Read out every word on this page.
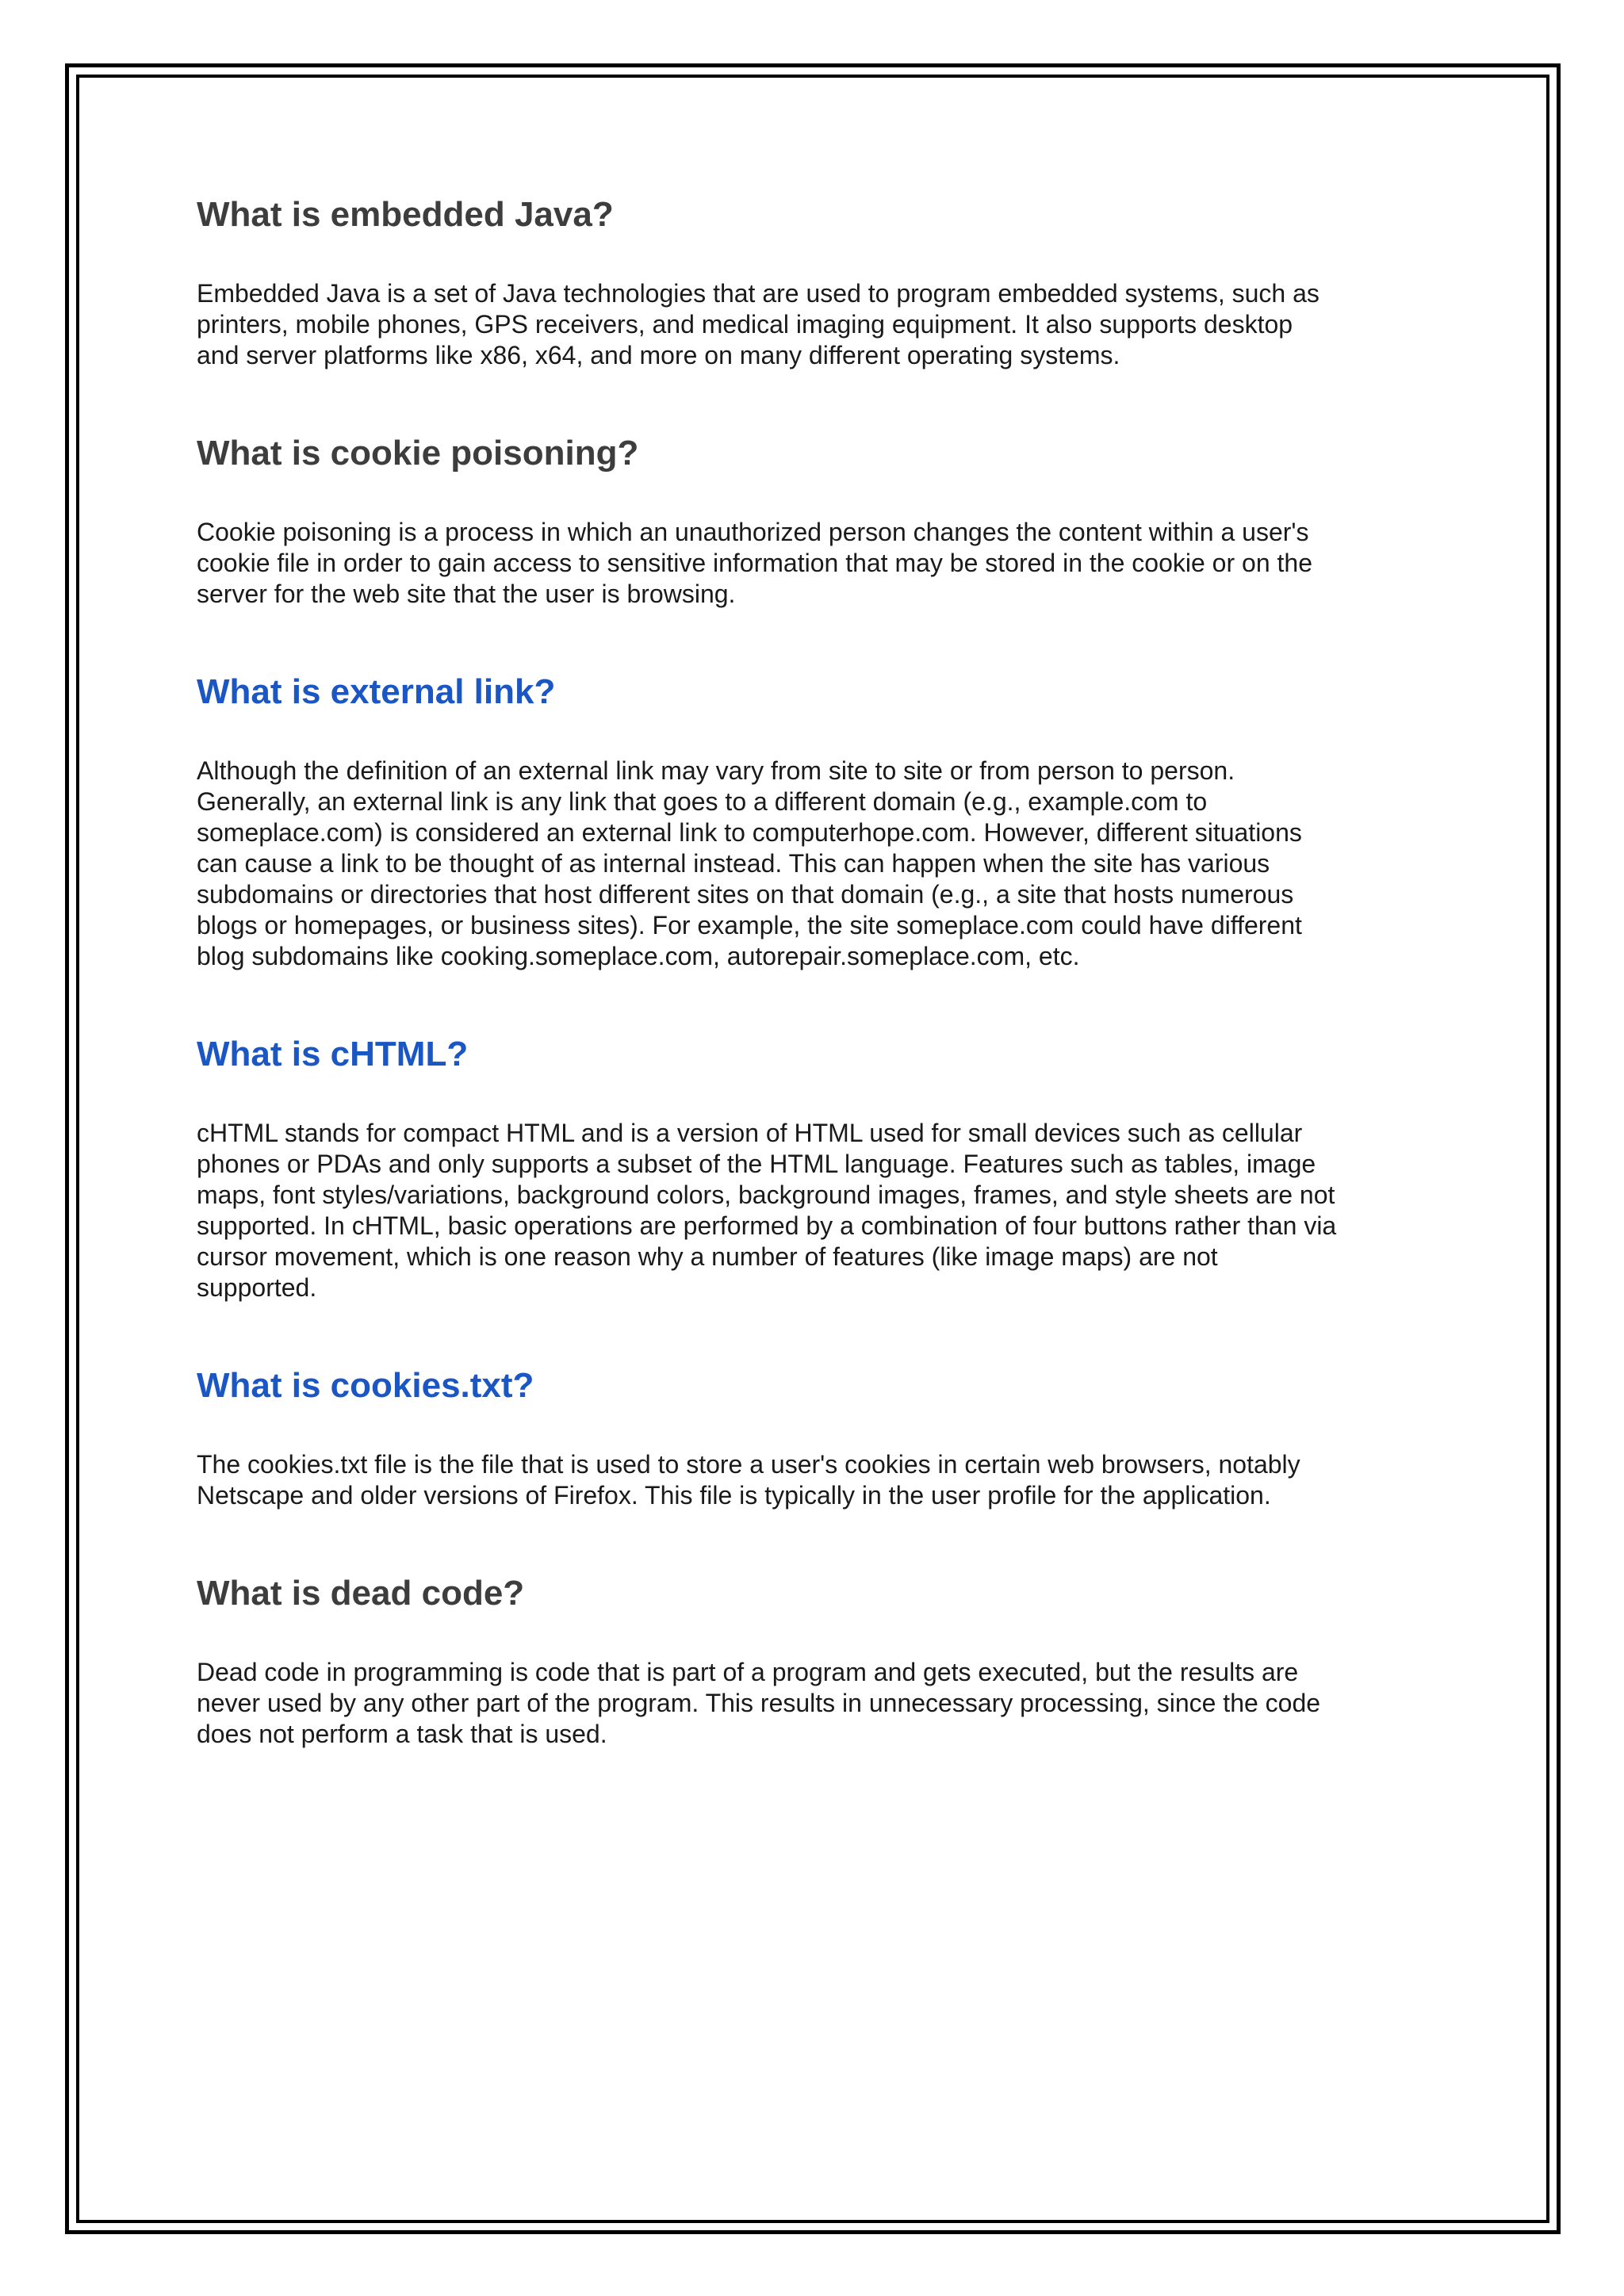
What is embedded Java?

Embedded Java is a set of Java technologies that are used to program embedded systems, such as
printers, mobile phones, GPS receivers, and medical imaging equipment. It also supports desktop
and server platforms like x86, x64, and more on many different operating systems.

What is cookie poisoning?

Cookie poisoning is a process in which an unauthorized person changes the content within a user's
cookie file in order to gain access to sensitive information that may be stored in the cookie or on the
server for the web site that the user is browsing.

What is external link?

Although the definition of an external link may vary from site to site or from person to person.
Generally, an external link is any link that goes to a different domain (e.g., example.com to
someplace.com) is considered an external link to computerhope.com. However, different situations
can cause a link to be thought of as internal instead. This can happen when the site has various
subdomains or directories that host different sites on that domain (e.g., a site that hosts numerous
blogs or homepages, or business sites). For example, the site someplace.com could have different
blog subdomains like cooking.someplace.com, autorepair.someplace.com, etc.

What is cHTML?

cHTML stands for compact HTML and is a version of HTML used for small devices such as cellular
phones or PDAs and only supports a subset of the HTML language. Features such as tables, image
maps, font styles/variations, background colors, background images, frames, and style sheets are not
supported. In cHTML, basic operations are performed by a combination of four buttons rather than via
cursor movement, which is one reason why a number of features (like image maps) are not
supported.

What is cookies.txt?

The cookies.txt file is the file that is used to store a user's cookies in certain web browsers, notably
Netscape and older versions of Firefox. This file is typically in the user profile for the application.

What is dead code?

Dead code in programming is code that is part of a program and gets executed, but the results are
never used by any other part of the program. This results in unnecessary processing, since the code
does not perform a task that is used.
